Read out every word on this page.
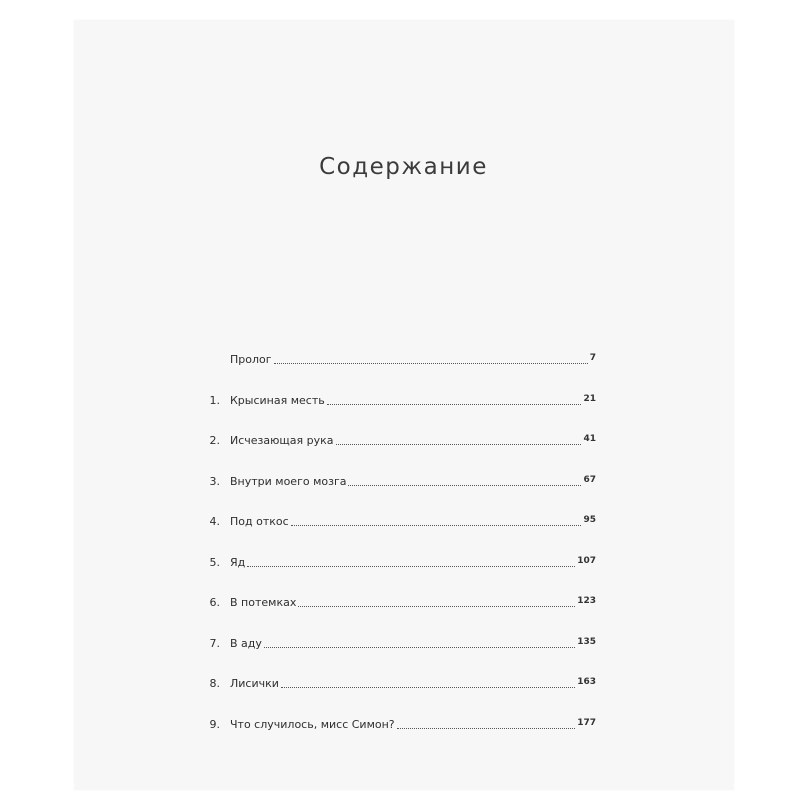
Содержание
Пролог	7
1. Крысиная месть	21
2. Исчезающая рука	41
3. Внутри моего мозга	67
4. Под откос	95
5. Яд	107
6. В потемках	123
7. В аду	135
8. Лисички	163
9. Что случилось, мисс Симон?	177
